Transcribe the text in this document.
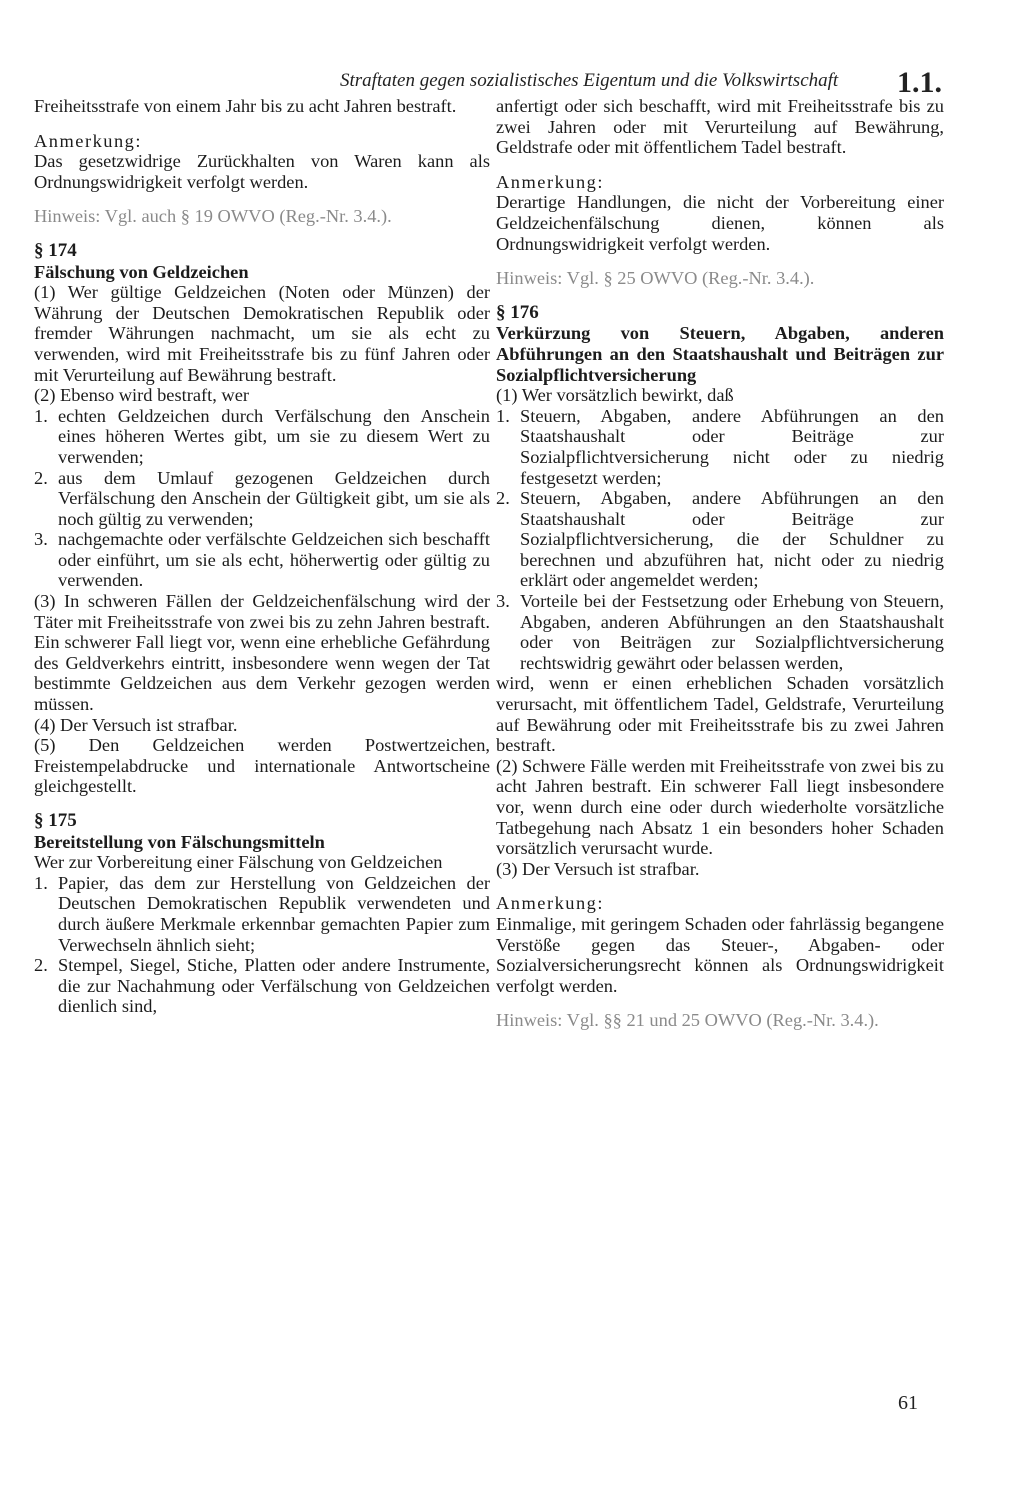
Straftaten gegen sozialistisches Eigentum und die Volkswirtschaft 1.1.

Freiheitsstrafe von einem Jahr bis zu acht Jahren bestraft.

Anmerkung:

Das gesetzwidrige Zurückhalten von Waren kann als Ordnungswidrigkeit verfolgt werden.

Hinweis: Vgl. auch § 19 OWVO (Reg.-Nr. 3.4.).

§ 174

Fälschung von Geldzeichen

(1) Wer gültige Geldzeichen (Noten oder Münzen) der Währung der Deutschen Demokratischen Republik oder fremder Währungen nachmacht, um sie als echt zu verwenden, wird mit Freiheitsstrafe bis zu fünf Jahren oder mit Verurteilung auf Bewährung bestraft.

(2) Ebenso wird bestraft, wer

1. echten Geldzeichen durch Verfälschung den Anschein eines höheren Wertes gibt, um sie zu diesem Wert zu verwenden;
2. aus dem Umlauf gezogenen Geldzeichen durch Verfälschung den Anschein der Gültigkeit gibt, um sie als noch gültig zu verwenden;
3. nachgemachte oder verfälschte Geldzeichen sich beschafft oder einführt, um sie als echt, höherwertig oder gültig zu verwenden.

(3) In schweren Fällen der Geldzeichenfälschung wird der Täter mit Freiheitsstrafe von zwei bis zu zehn Jahren bestraft. Ein schwerer Fall liegt vor, wenn eine erhebliche Gefährdung des Geldverkehrs eintritt, insbesondere wenn wegen der Tat bestimmte Geldzeichen aus dem Verkehr gezogen werden müssen.

(4) Der Versuch ist strafbar.

(5) Den Geldzeichen werden Postwertzeichen, Freistempelabdrucke und internationale Antwortscheine gleichgestellt.

§ 175

Bereitstellung von Fälschungsmitteln

Wer zur Vorbereitung einer Fälschung von Geldzeichen

1. Papier, das dem zur Herstellung von Geldzeichen der Deutschen Demokratischen Republik verwendeten und durch äußere Merkmale erkennbar gemachten Papier zum Verwechseln ähnlich sieht;
2. Stempel, Siegel, Stiche, Platten oder andere Instrumente, die zur Nachahmung oder Verfälschung von Geldzeichen dienlich sind,

anfertigt oder sich beschafft, wird mit Freiheitsstrafe bis zu zwei Jahren oder mit Verurteilung auf Bewährung, Geldstrafe oder mit öffentlichem Tadel bestraft.

Anmerkung:

Derartige Handlungen, die nicht der Vorbereitung einer Geldzeichenfälschung dienen, können als Ordnungswidrigkeit verfolgt werden.

Hinweis: Vgl. § 25 OWVO (Reg.-Nr. 3.4.).

§ 176

Verkürzung von Steuern, Abgaben, anderen Abführungen an den Staatshaushalt und Beiträgen zur Sozialpflichtversicherung

(1) Wer vorsätzlich bewirkt, daß

1. Steuern, Abgaben, andere Abführungen an den Staatshaushalt oder Beiträge zur Sozialpflichtversicherung nicht oder zu niedrig festgesetzt werden;
2. Steuern, Abgaben, andere Abführungen an den Staatshaushalt oder Beiträge zur Sozialpflichtversicherung, die der Schuldner zu berechnen und abzuführen hat, nicht oder zu niedrig erklärt oder angemeldet werden;
3. Vorteile bei der Festsetzung oder Erhebung von Steuern, Abgaben, anderen Abführungen an den Staatshaushalt oder von Beiträgen zur Sozialpflichtversicherung rechtswidrig gewährt oder belassen werden,

wird, wenn er einen erheblichen Schaden vorsätzlich verursacht, mit öffentlichem Tadel, Geldstrafe, Verurteilung auf Bewährung oder mit Freiheitsstrafe bis zu zwei Jahren bestraft.

(2) Schwere Fälle werden mit Freiheitsstrafe von zwei bis zu acht Jahren bestraft. Ein schwerer Fall liegt insbesondere vor, wenn durch eine oder durch wiederholte vorsätzliche Tatbegehung nach Absatz 1 ein besonders hoher Schaden vorsätzlich verursacht wurde.

(3) Der Versuch ist strafbar.

Anmerkung:

Einmalige, mit geringem Schaden oder fahrlässig begangene Verstöße gegen das Steuer-, Abgaben- oder Sozialversicherungsrecht können als Ordnungswidrigkeit verfolgt werden.

Hinweis: Vgl. §§ 21 und 25 OWVO (Reg.-Nr. 3.4.).

61
